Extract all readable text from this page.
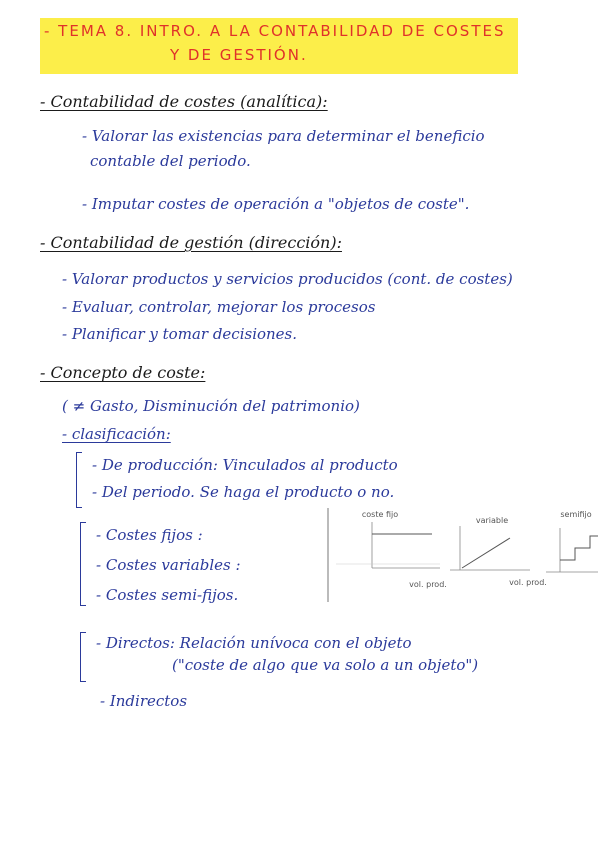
- TEMA 8. INTRO. A LA CONTABILIDAD DE COSTES
Y DE GESTIÓN.
- Contabilidad de costes (analítica):
- Valorar las existencias para determinar el beneficio
contable del periodo.
- Imputar costes de operación a "objetos de coste".
- Contabilidad de gestión (dirección):
- Valorar productos y servicios producidos (cont. de costes)
- Evaluar, controlar, mejorar los procesos
- Planificar y tomar decisiones.
- Concepto de coste:
( ≠ Gasto, Disminución del patrimonio)
- clasificación:
- De producción: Vinculados al producto
- Del periodo. Se haga el producto o no.
- Costes fijos :
- Costes variables :
- Costes semi-fijos.
- Directos: Relación unívoca con el objeto
("coste de algo que va solo a un objeto")
- Indirectos
coste fijo
variable
semifijo
vol. prod.	vol. prod.
